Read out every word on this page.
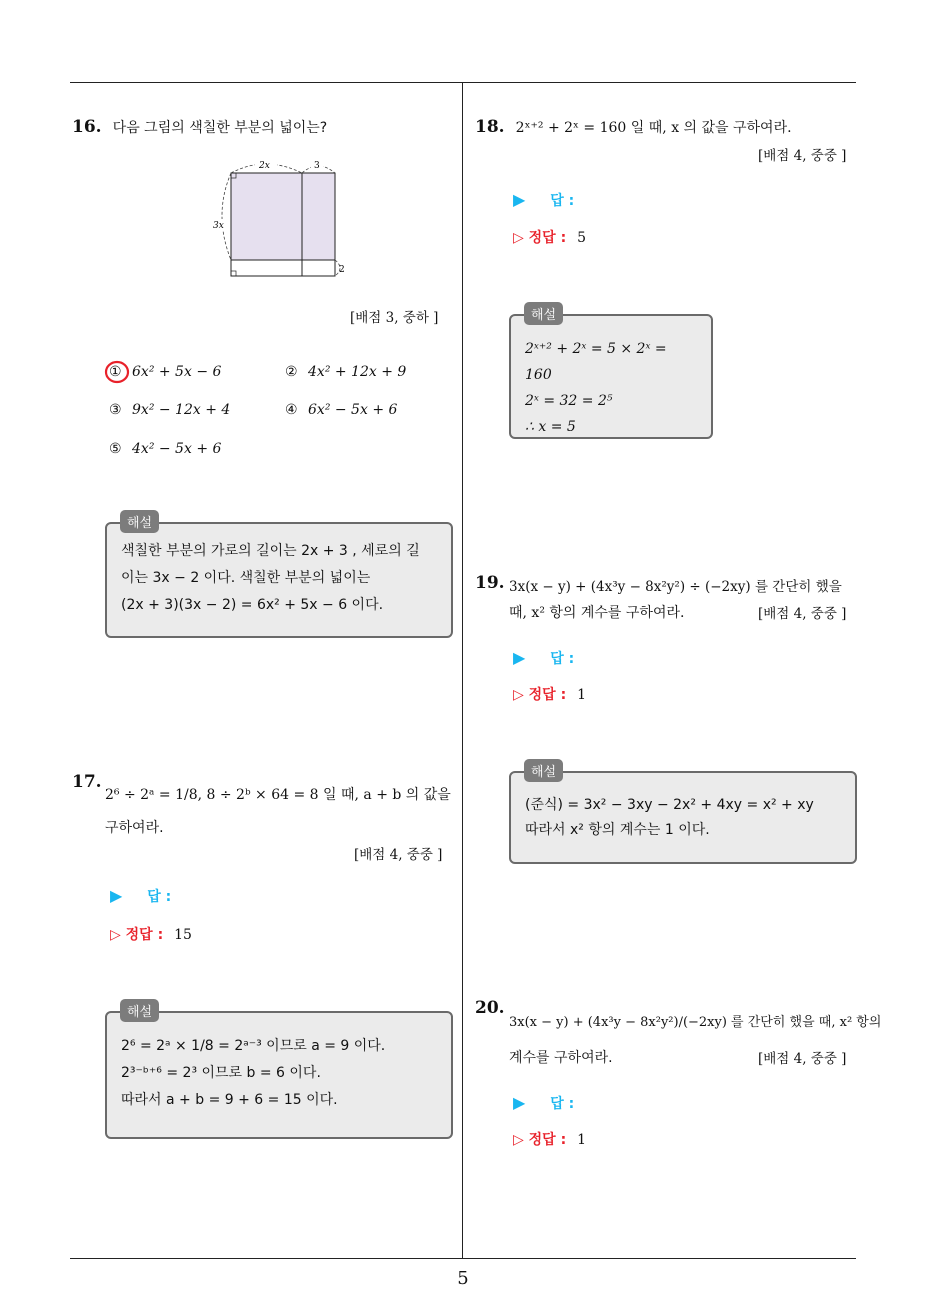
5
16. 다음 그림의 색칠한 부분의 넓이는?
2x	3
3x
2
[배점 3, 중하 ]
① 6x² + 5x − 6	② 4x² + 12x + 9
③ 9x² − 12x + 4	④ 6x² − 5x + 6
⑤ 4x² − 5x + 6
색칠한 부분의 가로의 길이는 2x + 3 , 세로의 길
이는 3x − 2 이다. 색칠한 부분의 넓이는
(2x + 3)(3x − 2) = 6x² + 5x − 6 이다.
해설
17.
2⁶ ÷ 2ᵃ = 1/8, 8 ÷ 2ᵇ × 64 = 8 일 때, a + b 의 값을
구하여라.
[배점 4, 중중 ]
▶ 답 :
▷ 정답 : 15
2⁶ = 2ᵃ × 1/8 = 2ᵃ⁻³ 이므로 a = 9 이다.
2³⁻ᵇ⁺⁶ = 2³ 이므로 b = 6 이다.
따라서 a + b = 9 + 6 = 15 이다.
해설
18. 2ˣ⁺² + 2ˣ = 160 일 때, x 의 값을 구하여라.
[배점 4, 중중 ]
▶ 답 :
▷ 정답 : 5
2ˣ⁺² + 2ˣ = 5 × 2ˣ = 160
2ˣ = 32 = 2⁵
∴ x = 5
해설
19. 3x(x − y) + (4x³y − 8x²y²) ÷ (−2xy) 를 간단히 했을
때, x² 항의 계수를 구하여라.	[배점 4, 중중 ]
▶ 답 :
▷ 정답 : 1
(준식) = 3x² − 3xy − 2x² + 4xy = x² + xy
따라서 x² 항의 계수는 1 이다.
해설
20.
3x(x − y) + (4x³y − 8x²y²)/(−2xy) 를 간단히 했을 때, x² 항의
계수를 구하여라.	[배점 4, 중중 ]
▶ 답 :
▷ 정답 : 1
